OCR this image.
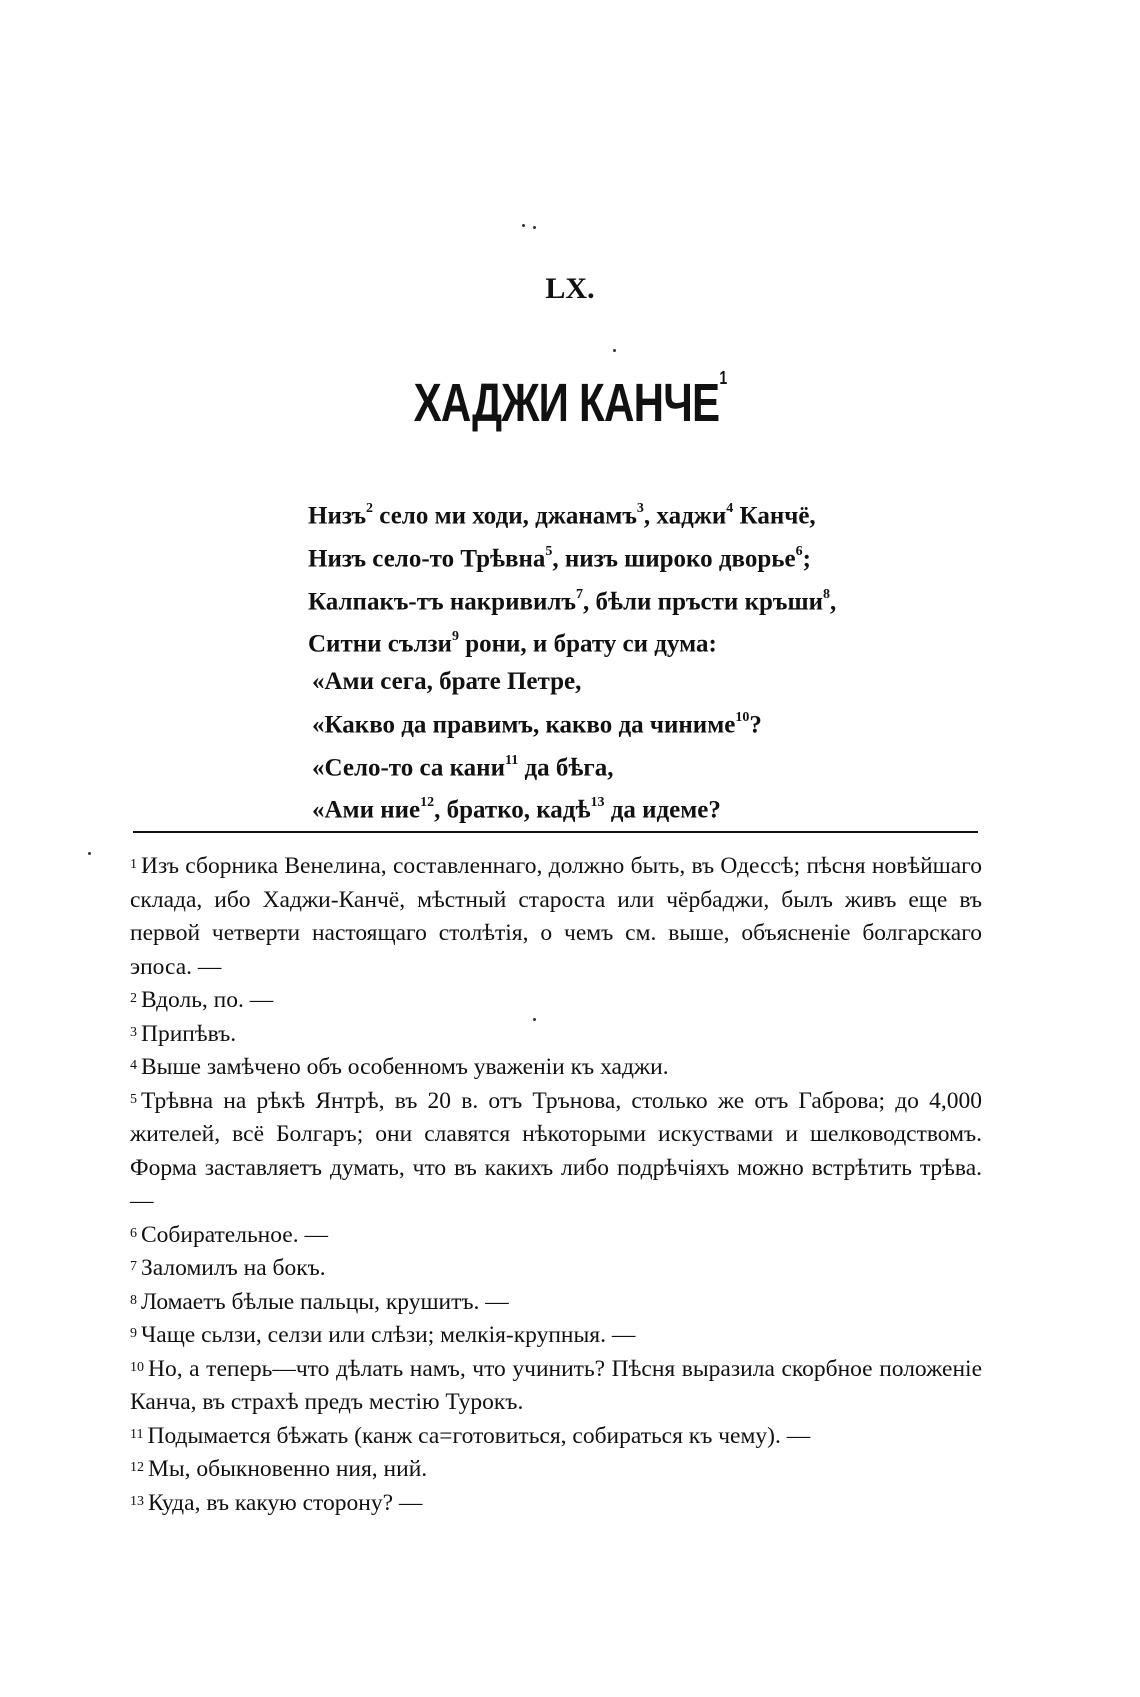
LX.
ХАДЖИ КАНЧЕ$^1$
Низъ$^2$ село ми ходи, джанамъ$^3$, хаджи$^4$ Канчё,
Низъ село-то Трѣвна$^5$, низъ широко дворье$^6$;
Калпакъ-тъ накривилъ$^7$, бѣли пръсти кръши$^8$,
Ситни сълзи$^9$ рони, и брату си дума:
«Ами сега, брате Петре,
«Какво да правимъ, какво да чиниме$^{10}$?
«Село-то са кани$^{11}$ да бѣга,
«Ами ние$^{12}$, братко, кадѣ$^{13}$ да идеме?
$^1$ Изъ сборника Венелина, составленнаго, должно быть, въ Одессѣ; пѣсня новѣйшаго склада, ибо Хаджи-Канчё, мѣстный староста или чёрбаджи, былъ живъ еще въ первой четверти настоящаго столѣтія, о чемъ см. выше, объясненіе болгарскаго эпоса. —
$^2$ Вдоль, по. —
$^3$ Припѣвъ.
$^4$ Выше замѣчено объ особенномъ уваженіи къ хаджи.
$^5$ Трѣвна на рѣкѣ Янтрѣ, въ 20 в. отъ Трънова, столько же отъ Габрова; до 4,000 жителей, всё Болгаръ; они славятся нѣкоторыми искуствами и шелководствомъ. Форма заставляетъ думать, что въ какихъ либо подрѣчіяхъ можно встрѣтить трѣва. —
$^6$ Собирательное. —
$^7$ Заломилъ на бокъ.
$^8$ Ломаетъ бѣлые пальцы, крушитъ. —
$^9$ Чаще сьлзи, селзи или слѣзи; мелкія-крупныя. —
$^{10}$ Но, а теперь—что дѣлать намъ, что учинить? Пѣсня выразила скорбное положеніе Канча, въ страхѣ предъ местію Турокъ.
$^{11}$ Подымается бѣжать (канж са=готовиться, собираться къ чему). —
$^{12}$ Мы, обыкновенно ния, ний.
$^{13}$ Куда, въ какую сторону? —
